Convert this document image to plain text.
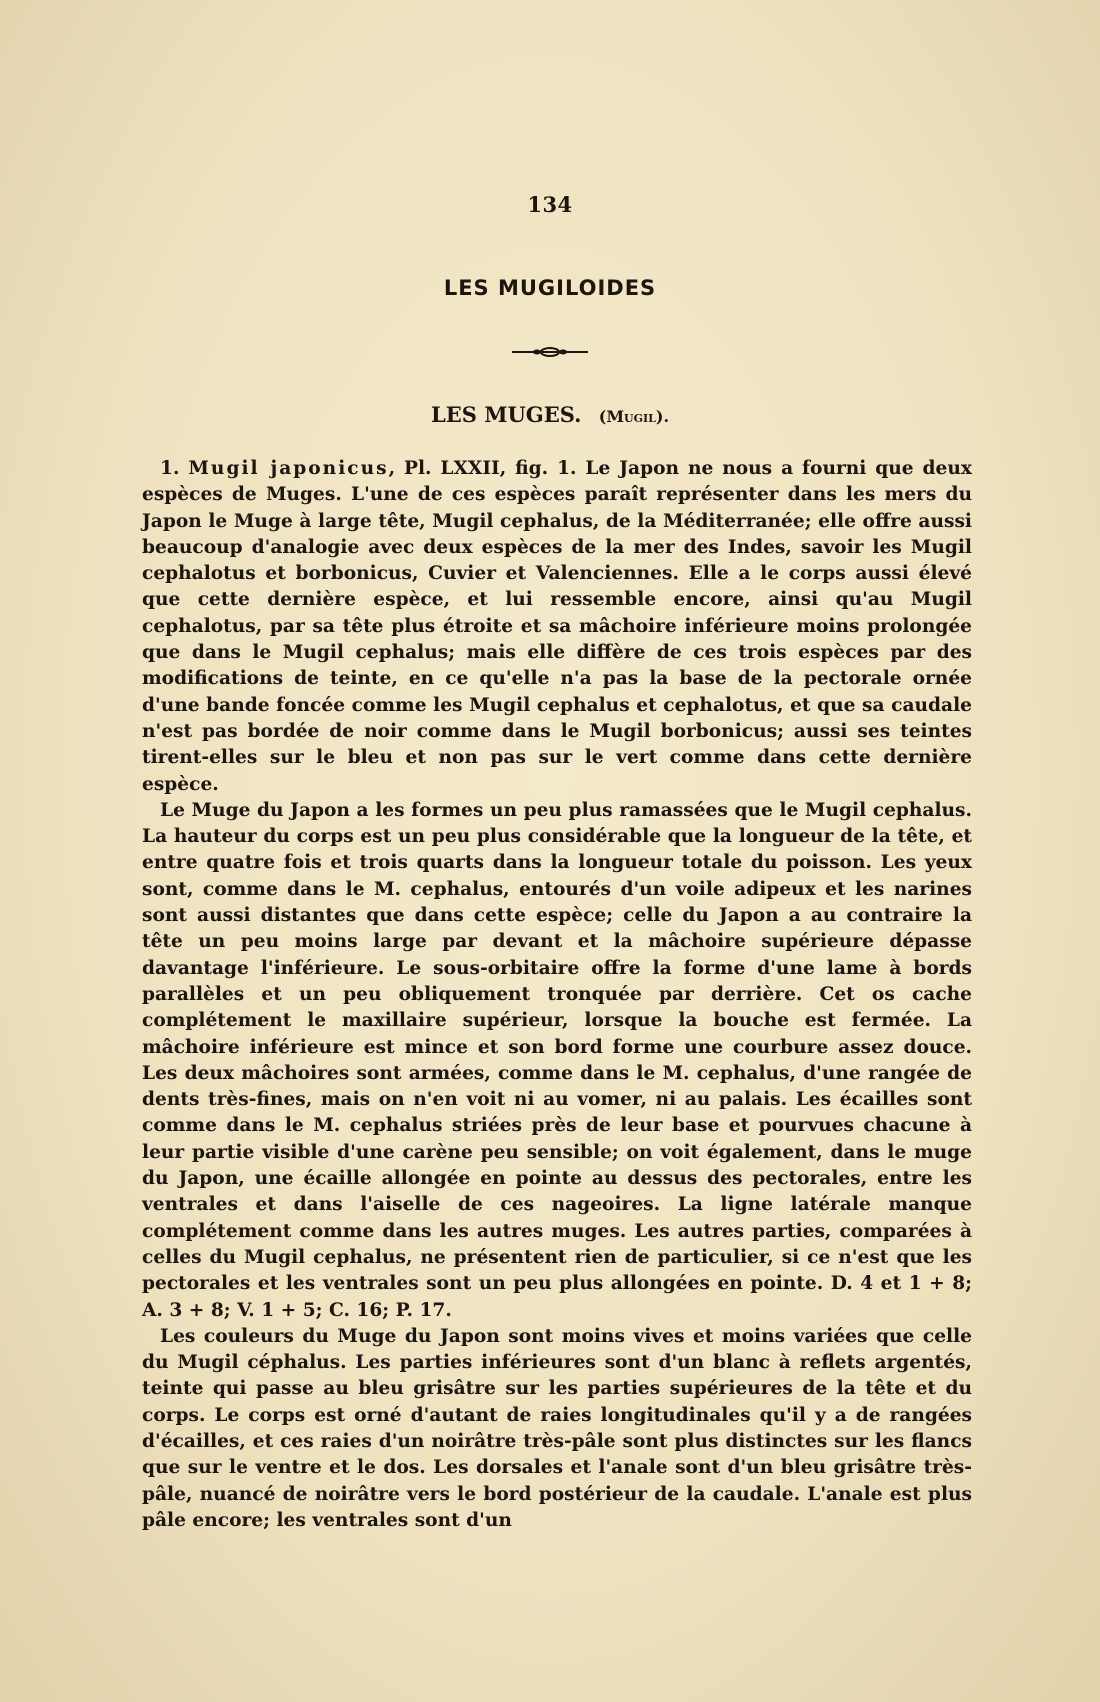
134
LES MUGILOIDES
LES MUGES. (Mugil).

1. Mugil japonicus, Pl. LXXII, fig. 1. Le Japon ne nous a fourni que deux espèces de Muges. L'une de ces espèces paraît représenter dans les mers du Japon le Muge à large tête, Mugil cephalus, de la Méditerranée; elle offre aussi beaucoup d'analogie avec deux espèces de la mer des Indes, savoir les Mugil cephalotus et borbonicus, Cuvier et Valenciennes. Elle a le corps aussi élevé que cette dernière espèce, et lui ressemble encore, ainsi qu'au Mugil cephalotus, par sa tête plus étroite et sa mâchoire inférieure moins prolongée que dans le Mugil cephalus; mais elle diffère de ces trois espèces par des modifications de teinte, en ce qu'elle n'a pas la base de la pectorale ornée d'une bande foncée comme les Mugil cephalus et cephalotus, et que sa caudale n'est pas bordée de noir comme dans le Mugil borbonicus; aussi ses teintes tirent-elles sur le bleu et non pas sur le vert comme dans cette dernière espèce.

Le Muge du Japon a les formes un peu plus ramassées que le Mugil cephalus. La hauteur du corps est un peu plus considérable que la longueur de la tête, et entre quatre fois et trois quarts dans la longueur totale du poisson. Les yeux sont, comme dans le M. cephalus, entourés d'un voile adipeux et les narines sont aussi distantes que dans cette espèce; celle du Japon a au contraire la tête un peu moins large par devant et la mâchoire supérieure dépasse davantage l'inférieure. Le sous-orbitaire offre la forme d'une lame à bords parallèles et un peu obliquement tronquée par derrière. Cet os cache complétement le maxillaire supérieur, lorsque la bouche est fermée. La mâchoire inférieure est mince et son bord forme une courbure assez douce. Les deux mâchoires sont armées, comme dans le M. cephalus, d'une rangée de dents très-fines, mais on n'en voit ni au vomer, ni au palais. Les écailles sont comme dans le M. cephalus striées près de leur base et pourvues chacune à leur partie visible d'une carène peu sensible; on voit également, dans le muge du Japon, une écaille allongée en pointe au dessus des pectorales, entre les ventrales et dans l'aiselle de ces nageoires. La ligne latérale manque complétement comme dans les autres muges. Les autres parties, comparées à celles du Mugil cephalus, ne présentent rien de particulier, si ce n'est que les pectorales et les ventrales sont un peu plus allongées en pointe. D. 4 et 1 + 8; A. 3 + 8; V. 1 + 5; C. 16; P. 17.

Les couleurs du Muge du Japon sont moins vives et moins variées que celle du Mugil céphalus. Les parties inférieures sont d'un blanc à reflets argentés, teinte qui passe au bleu grisâtre sur les parties supérieures de la tête et du corps. Le corps est orné d'autant de raies longitudinales qu'il y a de rangées d'écailles, et ces raies d'un noirâtre très-pâle sont plus distinctes sur les flancs que sur le ventre et le dos. Les dorsales et l'anale sont d'un bleu grisâtre très-pâle, nuancé de noirâtre vers le bord postérieur de la caudale. L'anale est plus pâle encore; les ventrales sont d'un
